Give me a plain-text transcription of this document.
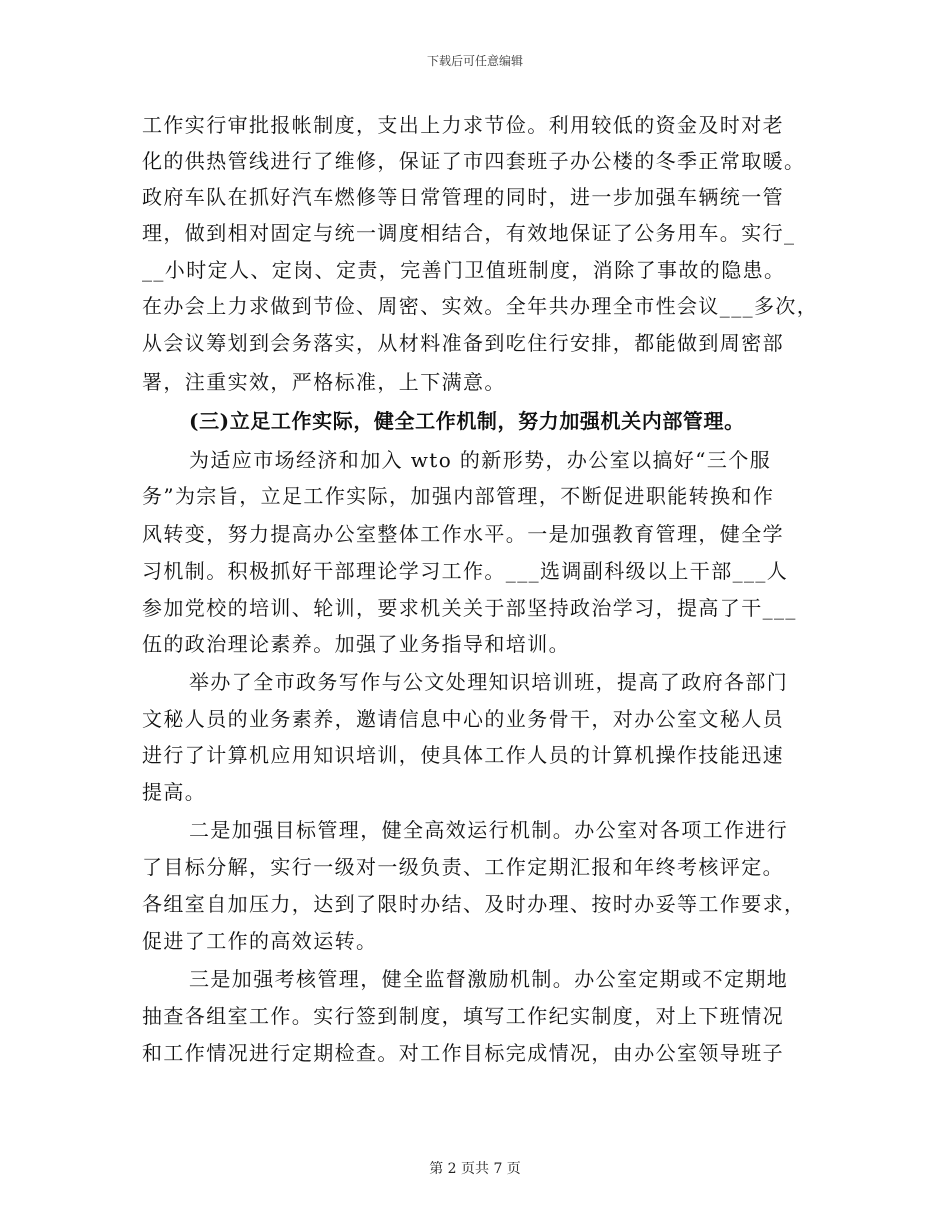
下载后可任意编辑
工作实行审批报帐制度，支出上力求节俭。利用较低的资金及时对老
化的供热管线进行了维修，保证了市四套班子办公楼的冬季正常取暖。
政府车队在抓好汽车燃修等日常管理的同时，进一步加强车辆统一管
理，做到相对固定与统一调度相结合，有效地保证了公务用车。实行_
__小时定人、定岗、定责，完善门卫值班制度，消除了事故的隐患。
在办会上力求做到节俭、周密、实效。全年共办理全市性会议___多次，
从会议筹划到会务落实，从材料准备到吃住行安排，都能做到周密部
署，注重实效，严格标准，上下满意。
(三)立足工作实际，健全工作机制，努力加强机关内部管理。
为适应市场经济和加入 wto 的新形势，办公室以搞好“三个服
务”为宗旨，立足工作实际，加强内部管理，不断促进职能转换和作
风转变，努力提高办公室整体工作水平。一是加强教育管理，健全学
习机制。积极抓好干部理论学习工作。___选调副科级以上干部___人
参加党校的培训、轮训，要求机关关于部坚持政治学习，提高了干___
伍的政治理论素养。加强了业务指导和培训。
举办了全市政务写作与公文处理知识培训班，提高了政府各部门
文秘人员的业务素养，邀请信息中心的业务骨干，对办公室文秘人员
进行了计算机应用知识培训，使具体工作人员的计算机操作技能迅速
提高。
二是加强目标管理，健全高效运行机制。办公室对各项工作进行
了目标分解，实行一级对一级负责、工作定期汇报和年终考核评定。
各组室自加压力，达到了限时办结、及时办理、按时办妥等工作要求，
促进了工作的高效运转。
三是加强考核管理，健全监督激励机制。办公室定期或不定期地
抽查各组室工作。实行签到制度，填写工作纪实制度，对上下班情况
和工作情况进行定期检查。对工作目标完成情况，由办公室领导班子
第 2 页共 7 页
